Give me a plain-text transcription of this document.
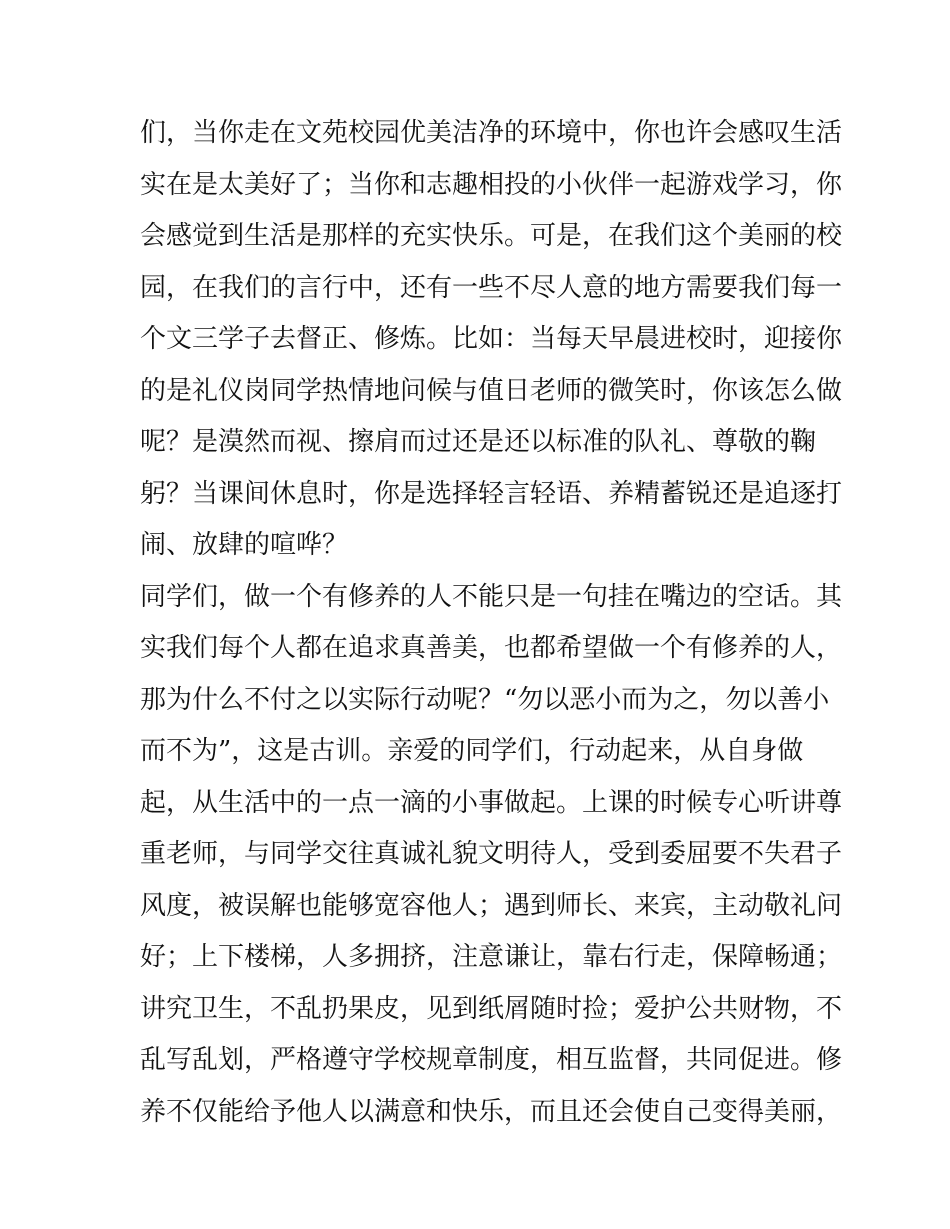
们，当你走在文苑校园优美洁净的环境中，你也许会感叹生活
实在是太美好了；当你和志趣相投的小伙伴一起游戏学习，你
会感觉到生活是那样的充实快乐。可是，在我们这个美丽的校
园，在我们的言行中，还有一些不尽人意的地方需要我们每一
个文三学子去督正、修炼。比如：当每天早晨进校时，迎接你
的是礼仪岗同学热情地问候与值日老师的微笑时，你该怎么做
呢？是漠然而视、擦肩而过还是还以标准的队礼、尊敬的鞠
躬？当课间休息时，你是选择轻言轻语、养精蓄锐还是追逐打
闹、放肆的喧哗？
同学们，做一个有修养的人不能只是一句挂在嘴边的空话。其
实我们每个人都在追求真善美，也都希望做一个有修养的人，
那为什么不付之以实际行动呢？“勿以恶小而为之，勿以善小
而不为”，这是古训。亲爱的同学们，行动起来，从自身做
起，从生活中的一点一滴的小事做起。上课的时候专心听讲尊
重老师，与同学交往真诚礼貌文明待人，受到委屈要不失君子
风度，被误解也能够宽容他人；遇到师长、来宾，主动敬礼问
好；上下楼梯，人多拥挤，注意谦让，靠右行走，保障畅通；
讲究卫生，不乱扔果皮，见到纸屑随时捡；爱护公共财物，不
乱写乱划，严格遵守学校规章制度，相互监督，共同促进。修
养不仅能给予他人以满意和快乐，而且还会使自己变得美丽，
